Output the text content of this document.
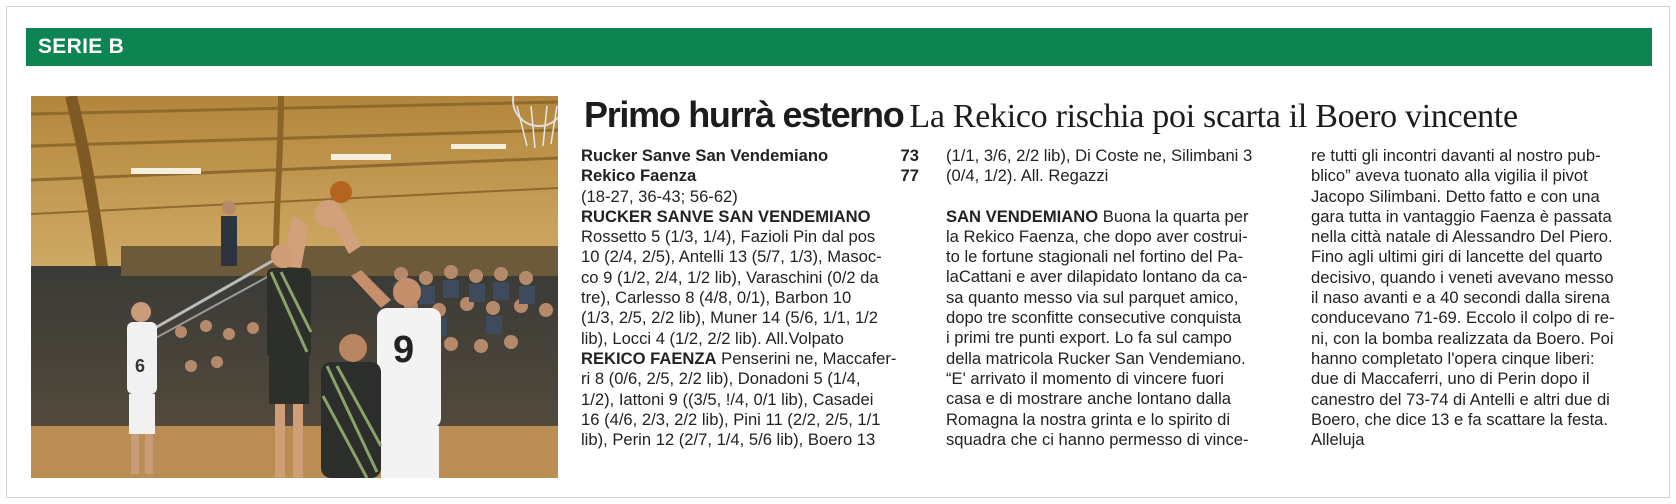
SERIE B
6	9
Primo hurrà esterno La Rekico rischia poi scarta il Boero vincente
Rucker Sanve San Vendemiano	73
Rekico Faenza	77
(18-27, 36-43; 56-62)
RUCKER SANVE SAN VENDEMIANO
Rossetto 5 (1/3, 1/4), Fazioli Pin dal pos
10 (2/4, 2/5), Antelli 13 (5/7, 1/3), Masoc-
co 9 (1/2, 2/4, 1/2 lib), Varaschini (0/2 da
tre), Carlesso 8 (4/8, 0/1), Barbon 10
(1/3, 2/5, 2/2 lib), Muner 14 (5/6, 1/1, 1/2
lib), Locci 4 (1/2, 2/2 lib). All.Volpato
REKICO FAENZA Penserini ne, Maccafer-
ri 8 (0/6, 2/5, 2/2 lib), Donadoni 5 (1/4,
1/2), Iattoni 9 ((3/5, !/4, 0/1 lib), Casadei
16 (4/6, 2/3, 2/2 lib), Pini 11 (2/2, 2/5, 1/1
lib), Perin 12 (2/7, 1/4, 5/6 lib), Boero 13
(1/1, 3/6, 2/2 lib), Di Coste ne, Silimbani 3
(0/4, 1/2). All. Regazzi
SAN VENDEMIANO Buona la quarta per
la Rekico Faenza, che dopo aver costrui-
to le fortune stagionali nel fortino del Pa-
laCattani e aver dilapidato lontano da ca-
sa quanto messo via sul parquet amico,
dopo tre sconfitte consecutive conquista
i primi tre punti export. Lo fa sul campo
della matricola Rucker San Vendemiano.
“E' arrivato il momento di vincere fuori
casa e di mostrare anche lontano dalla
Romagna la nostra grinta e lo spirito di
squadra che ci hanno permesso di vince-
re tutti gli incontri davanti al nostro pub-
blico” aveva tuonato alla vigilia il pivot
Jacopo Silimbani. Detto fatto e con una
gara tutta in vantaggio Faenza è passata
nella città natale di Alessandro Del Piero.
Fino agli ultimi giri di lancette del quarto
decisivo, quando i veneti avevano messo
il naso avanti e a 40 secondi dalla sirena
conducevano 71-69. Eccolo il colpo di re-
ni, con la bomba realizzata da Boero. Poi
hanno completato l'opera cinque liberi:
due di Maccaferri, uno di Perin dopo il
canestro del 73-74 di Antelli e altri due di
Boero, che dice 13 e fa scattare la festa.
Alleluja
